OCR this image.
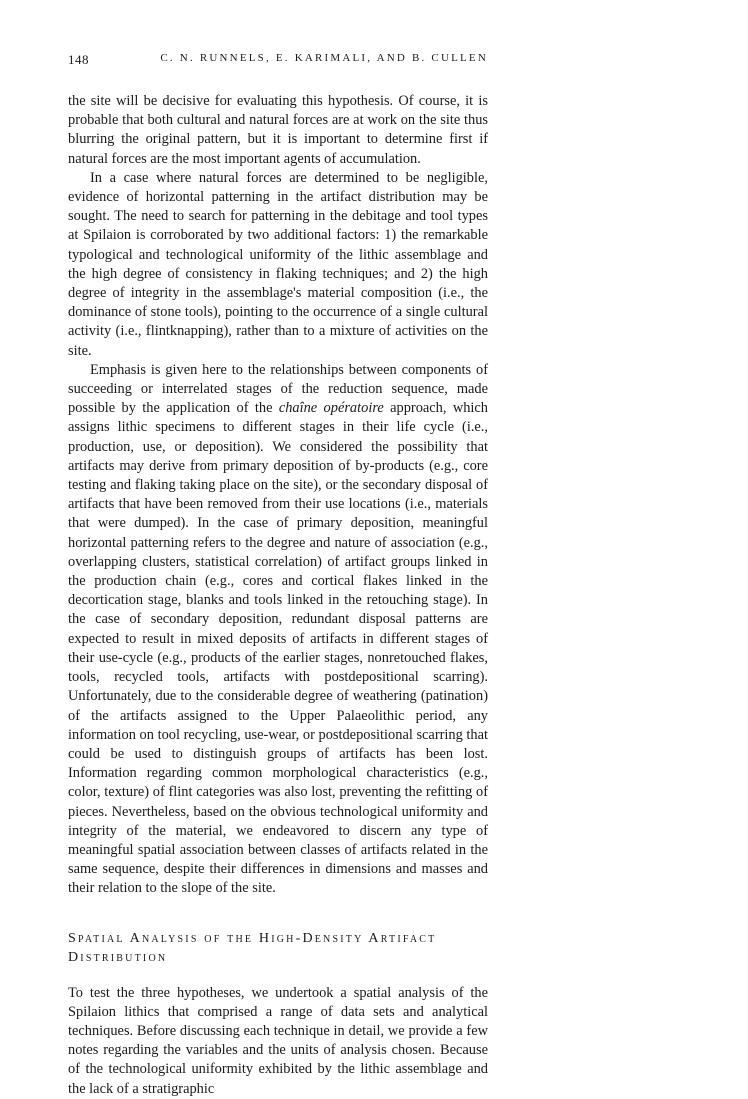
148	C. N. RUNNELS, E. KARIMALI, AND B. CULLEN

the site will be decisive for evaluating this hypothesis. Of course, it is probable that both cultural and natural forces are at work on the site thus blurring the original pattern, but it is important to determine first if natural forces are the most important agents of accumulation.

In a case where natural forces are determined to be negligible, evidence of horizontal patterning in the artifact distribution may be sought. The need to search for patterning in the debitage and tool types at Spilaion is corroborated by two additional factors: 1) the remarkable typological and technological uniformity of the lithic assemblage and the high degree of consistency in flaking techniques; and 2) the high degree of integrity in the assemblage's material composition (i.e., the dominance of stone tools), pointing to the occurrence of a single cultural activity (i.e., flintknapping), rather than to a mixture of activities on the site.

Emphasis is given here to the relationships between components of succeeding or interrelated stages of the reduction sequence, made possible by the application of the chaîne opératoire approach, which assigns lithic specimens to different stages in their life cycle (i.e., production, use, or deposition). We considered the possibility that artifacts may derive from primary deposition of by-products (e.g., core testing and flaking taking place on the site), or the secondary disposal of artifacts that have been removed from their use locations (i.e., materials that were dumped). In the case of primary deposition, meaningful horizontal patterning refers to the degree and nature of association (e.g., overlapping clusters, statistical correlation) of artifact groups linked in the production chain (e.g., cores and cortical flakes linked in the decortication stage, blanks and tools linked in the retouching stage). In the case of secondary deposition, redundant disposal patterns are expected to result in mixed deposits of artifacts in different stages of their use-cycle (e.g., products of the earlier stages, nonretouched flakes, tools, recycled tools, artifacts with postdepositional scarring). Unfortunately, due to the considerable degree of weathering (patination) of the artifacts assigned to the Upper Palaeolithic period, any information on tool recycling, use-wear, or postdepositional scarring that could be used to distinguish groups of artifacts has been lost. Information regarding common morphological characteristics (e.g., color, texture) of flint categories was also lost, preventing the refitting of pieces. Nevertheless, based on the obvious technological uniformity and integrity of the material, we endeavored to discern any type of meaningful spatial association between classes of artifacts related in the same sequence, despite their differences in dimensions and masses and their relation to the slope of the site.

Spatial Analysis of the High-Density Artifact Distribution

To test the three hypotheses, we undertook a spatial analysis of the Spilaion lithics that comprised a range of data sets and analytical techniques. Before discussing each technique in detail, we provide a few notes regarding the variables and the units of analysis chosen. Because of the technological uniformity exhibited by the lithic assemblage and the lack of a stratigraphic
